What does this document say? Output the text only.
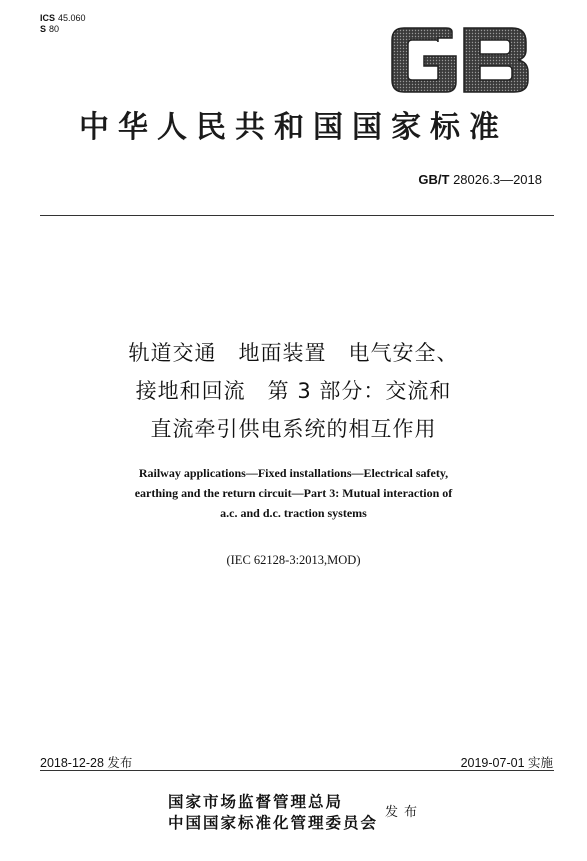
ICS 45.060
S 80
中华人民共和国国家标准
GB/T 28026.3—2018
轨道交通　地面装置　电气安全、
接地和回流　第 3 部分：交流和
直流牵引供电系统的相互作用
Railway applications—Fixed installations—Electrical safety,
earthing and the return circuit—Part 3: Mutual interaction of
a.c. and d.c. traction systems
(IEC 62128-3:2013,MOD)
2018-12-28 发布	2019-07-01 实施
国家市场监督管理总局
中国国家标准化管理委员会
发布
